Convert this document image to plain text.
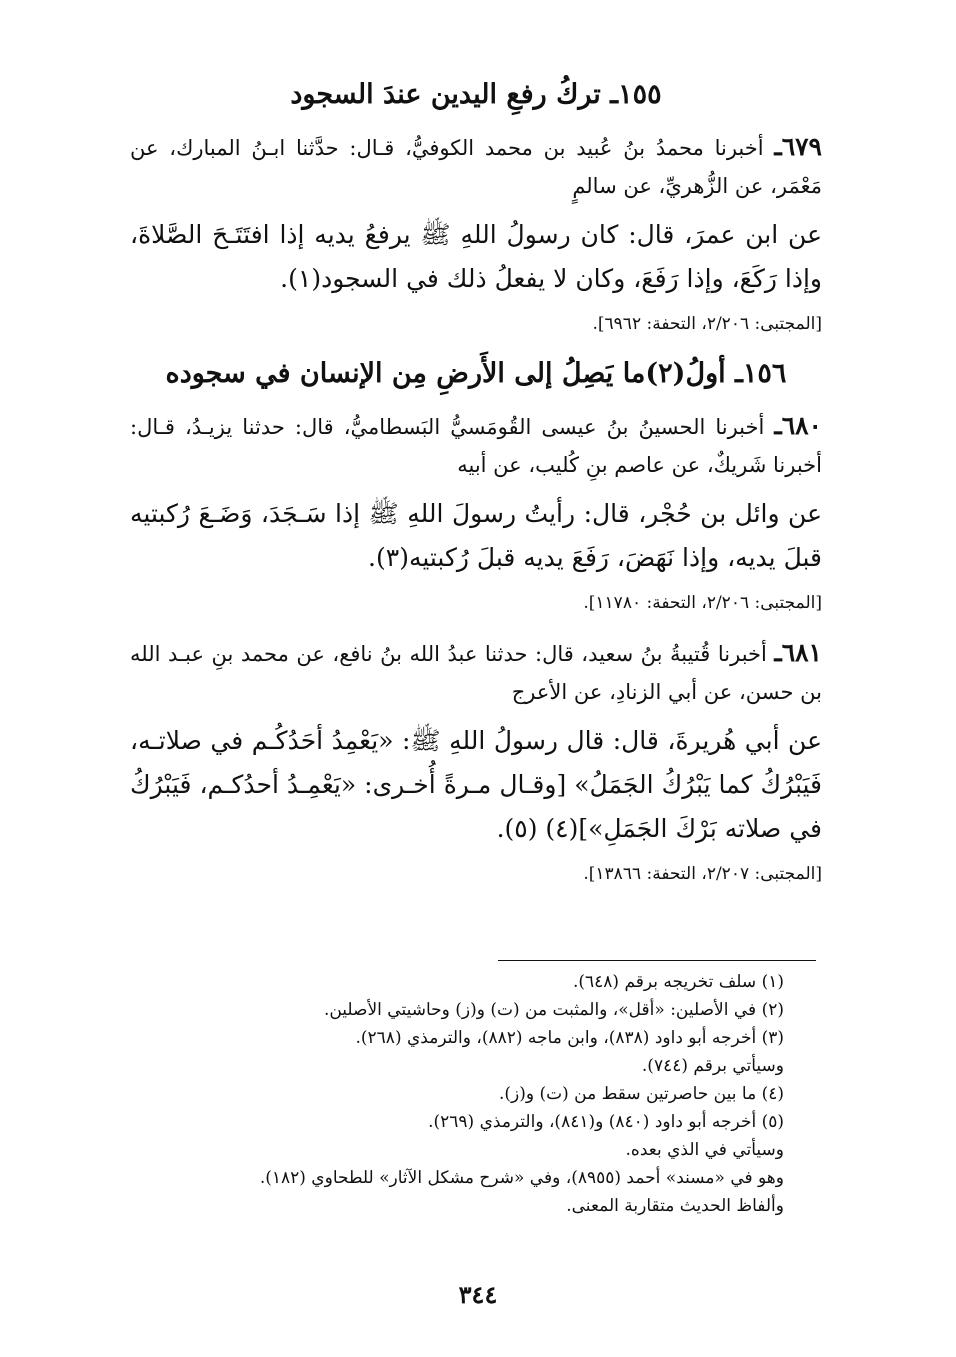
١٥٥ـ تركُ رفعِ اليدين عندَ السجود
٦٧٩ـ أخبرنا محمدُ بنُ عُبيد بن محمد الكوفيُّ، قـال: حدَّثنا ابـنُ المبارك، عن مَعْمَر، عن الزُّهريِّ، عن سالمٍ
عن ابن عمرَ، قال: كان رسولُ اللهِ ﷺ يرفعُ يديه إذا افتَتَـحَ الصَّلاةَ، وإذا رَكَعَ، وإذا رَفَعَ، وكان لا يفعلُ ذلك في السجود(١).
[المجتبى: ٢/٢٠٦، التحفة: ٦٩٦٢].
١٥٦ـ أولُ(٢)ما يَصِلُ إلى الأَرضِ مِن الإنسان في سجوده
٦٨٠ـ أخبرنا الحسينُ بنُ عيسى القُومَسيُّ البَسطاميُّ، قال: حدثنا يزيـدُ، قـال: أخبرنا شَريكٌ، عن عاصم بنِ كُليب، عن أبيه
عن وائل بن حُجْر، قال: رأيتُ رسولَ اللهِ ﷺ إذا سَـجَدَ، وَضَـعَ رُكبتيه قبلَ يديه، وإذا نَهَضَ، رَفَعَ يديه قبلَ رُكبتيه(٣).
[المجتبى: ٢/٢٠٦، التحفة: ١١٧٨٠].
٦٨١ـ أخبرنا قُتيبةُ بنُ سعيد، قال: حدثنا عبدُ الله بنُ نافع، عن محمد بنِ عبـد الله بن حسن، عن أبي الزنادِ، عن الأعرج
عن أبي هُريرةَ، قال: قال رسولُ اللهِ ﷺ: «يَعْمِدُ أحَدُكُـم في صلاتـه، فَيَبْرُكُ كما يَبْرُكُ الجَمَلُ» [وقـال مـرةً أُخـرى: «يَعْمِـدُ أحدُكـم، فَيَبْرُكُ في صلاته بَرْكَ الجَمَلِ»](٤) (٥).
[المجتبى: ٢/٢٠٧، التحفة: ١٣٨٦٦].
(١) سلف تخريجه برقم (٦٤٨).
(٢) في الأصلين: «أقل»، والمثبت من (ت) و(ز) وحاشيتي الأصلين.
(٣) أخرجه أبو داود (٨٣٨)، وابن ماجه (٨٨٢)، والترمذي (٢٦٨).
وسيأتي برقم (٧٤٤).
(٤) ما بين حاصرتين سقط من (ت) و(ز).
(٥) أخرجه أبو داود (٨٤٠) و(٨٤١)، والترمذي (٢٦٩).
وسيأتي في الذي بعده.
وهو في «مسند» أحمد (٨٩٥٥)، وفي «شرح مشكل الآثار» للطحاوي (١٨٢).
وألفاظ الحديث متقاربة المعنى.
٣٤٤
